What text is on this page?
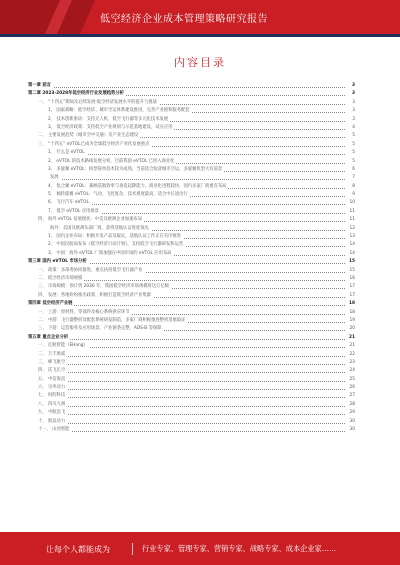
低空经济企业成本管理策略研究报告
内容目录
第一章 前言	3
第二章 2023-2028年低空经济行业发展趋势分析	3
一、 “十四五”期间及后续发展·低空经济发展水平的提升与挑战	3
1、 国家战略：低空经济、城市空运体系建设推进，完善产业链和服务配套	3
2、 技术创新驱动：支持无人机、低空飞行器等多元化技术发展	3
3、 低空经济政策：支持低空产业规划与示范基地建设，试点应用	4
二、 主要发展趋势（城市空中交通）及产业生态建设	5
三、 “十四五” eVTOL已成为全球低空经济产业化发展重点	5
1、 什么是 eVTOL	5
2、 eVTOL 的技术路线发展分析，目前我国 eVTOL 已进入商业化	5
3、 多旋翼 eVTOL：构型简单技术较为成熟，当前适合短途城市空运，多旋翼机型大有前景	6
发展	7
4、 复合翼 eVTOL：兼顾巡航效率与垂直起降能力，商业化进程较快，国内多家厂商重点布局	8
5、 倾转旋翼 eVTOL：气动、飞控复杂，技术难度最高，适合中长途出行	9
6、 飞行汽车 eVTOL	10
7、 低空 eVTOL 应用场景	11
四、 海外 eVTOL 发展现状：中美及欧洲企业加速布局	11
海外：美国及欧洲头部厂商，获得适航认证进度领先	12
1、 国内企业布局：积极开发产品及取证，适航认证工作正在有序推进	13
2、 中国民航局发布《低空经济行动计划》，支持低空飞行器研发和运营	14
3、 中国：海外 eVTOL 厂商加强在中国市场的 eVTOL 应用布局	14
第三章 国内 eVTOL 市场分析	15
一、 政策：多部委协同推进，重点扶持低空飞行器产业	15
二、 低空经济市场规模	16
三、 市场规模：预计到 2030 年，我国低空经济市场规模将达万亿级	17
四、 发展：各地纷纷推出政策，积极打造低空经济产业集群	17
第四章 低空经济产业链	18
一、 上游：原材料、零部件及核心系统供应环节	18
二、 中游：飞行器整机及配套系统研发制造，多家厂商积极推进整机适航取证	19
三、 下游：运营服务及应用场景，产业链条完整，ADS-B 等保障	20
第五章 重点企业分析	21
一、 亿航智能（EHang）	21
二、 万丰奥威	22
三、 峰飞航空	23
四、 沃飞长空	24
五、 中信海直	25
六、 宗申动力	26
七、 时的科技	27
八、 四川九洲	28
九、 中航沈飞	29
十、 航发动力	30
十一、 山河智能	30
让每个人都能成为	行业专家、管理专家、营销专家、战略专家、成本企业家……
